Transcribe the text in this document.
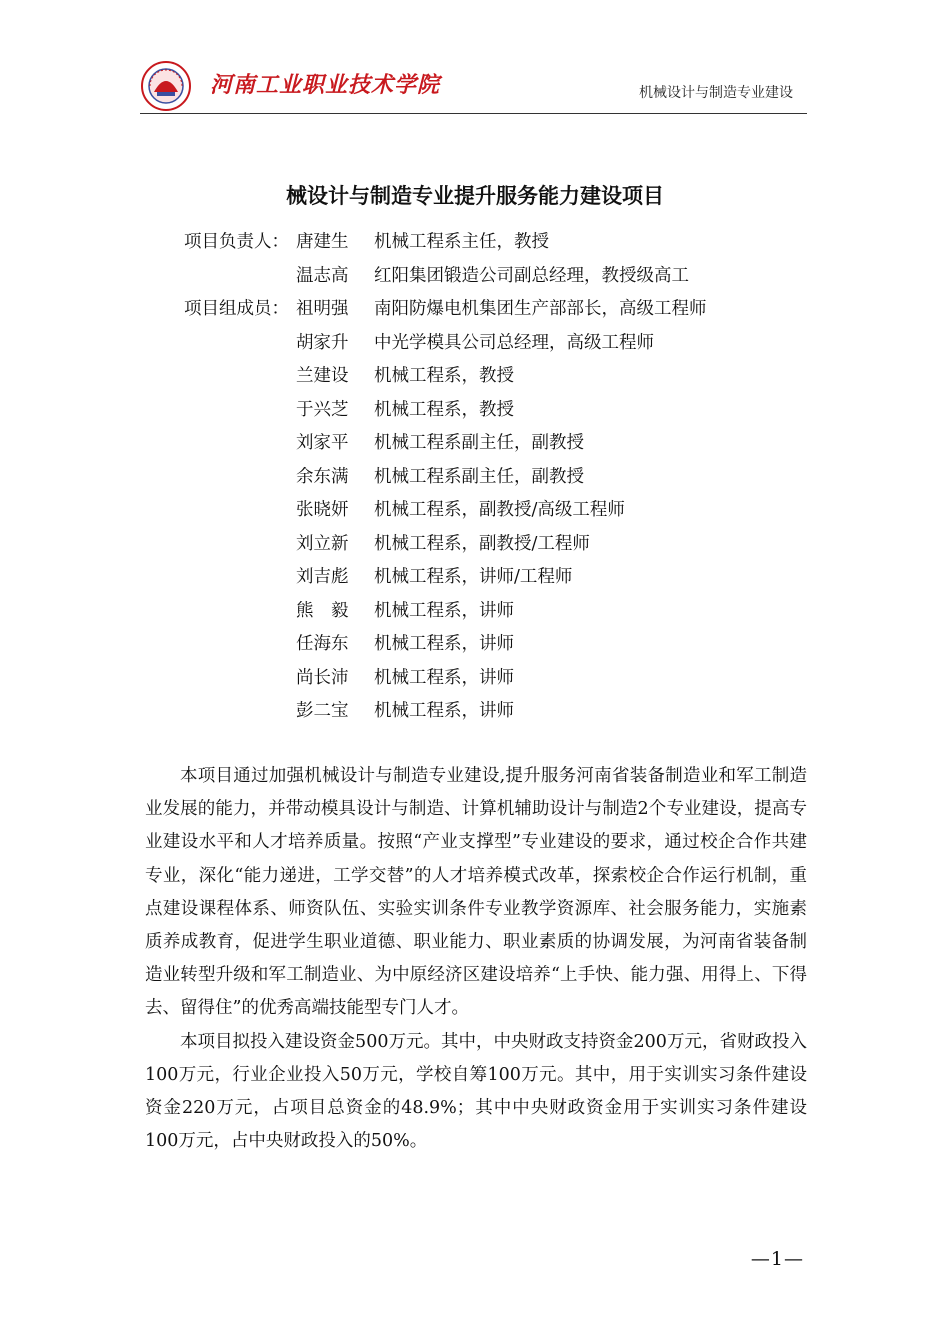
河南工业职业技术学院	机械设计与制造专业建设
械设计与制造专业提升服务能力建设项目
项目负责人： 唐建生 机械工程系主任，教授
温志高 红阳集团锻造公司副总经理，教授级高工
项目组成员： 祖明强 南阳防爆电机集团生产部部长，高级工程师
胡家升 中光学模具公司总经理，高级工程师
兰建设 机械工程系，教授
于兴芝 机械工程系，教授
刘家平 机械工程系副主任，副教授
余东满 机械工程系副主任，副教授
张晓妍 机械工程系，副教授/高级工程师
刘立新 机械工程系，副教授/工程师
刘吉彪 机械工程系，讲师/工程师
熊　毅 机械工程系，讲师
任海东 机械工程系，讲师
尚长沛 机械工程系，讲师
彭二宝 机械工程系，讲师

本项目通过加强机械设计与制造专业建设,提升服务河南省装备制造业和军工制造业发展的能力，并带动模具设计与制造、计算机辅助设计与制造2个专业建设，提高专业建设水平和人才培养质量。按照“产业支撑型”专业建设的要求，通过校企合作共建专业，深化“能力递进，工学交替”的人才培养模式改革，探索校企合作运行机制，重点建设课程体系、师资队伍、实验实训条件专业教学资源库、社会服务能力，实施素质养成教育，促进学生职业道德、职业能力、职业素质的协调发展，为河南省装备制造业转型升级和军工制造业、为中原经济区建设培养“上手快、能力强、用得上、下得去、留得住”的优秀高端技能型专门人才。

本项目拟投入建设资金500万元。其中，中央财政支持资金200万元，省财政投入100万元，行业企业投入50万元，学校自筹100万元。其中，用于实训实习条件建设资金220万元，占项目总资金的48.9%；其中中央财政资金用于实训实习条件建设100万元，占中央财政投入的50%。

—1—
